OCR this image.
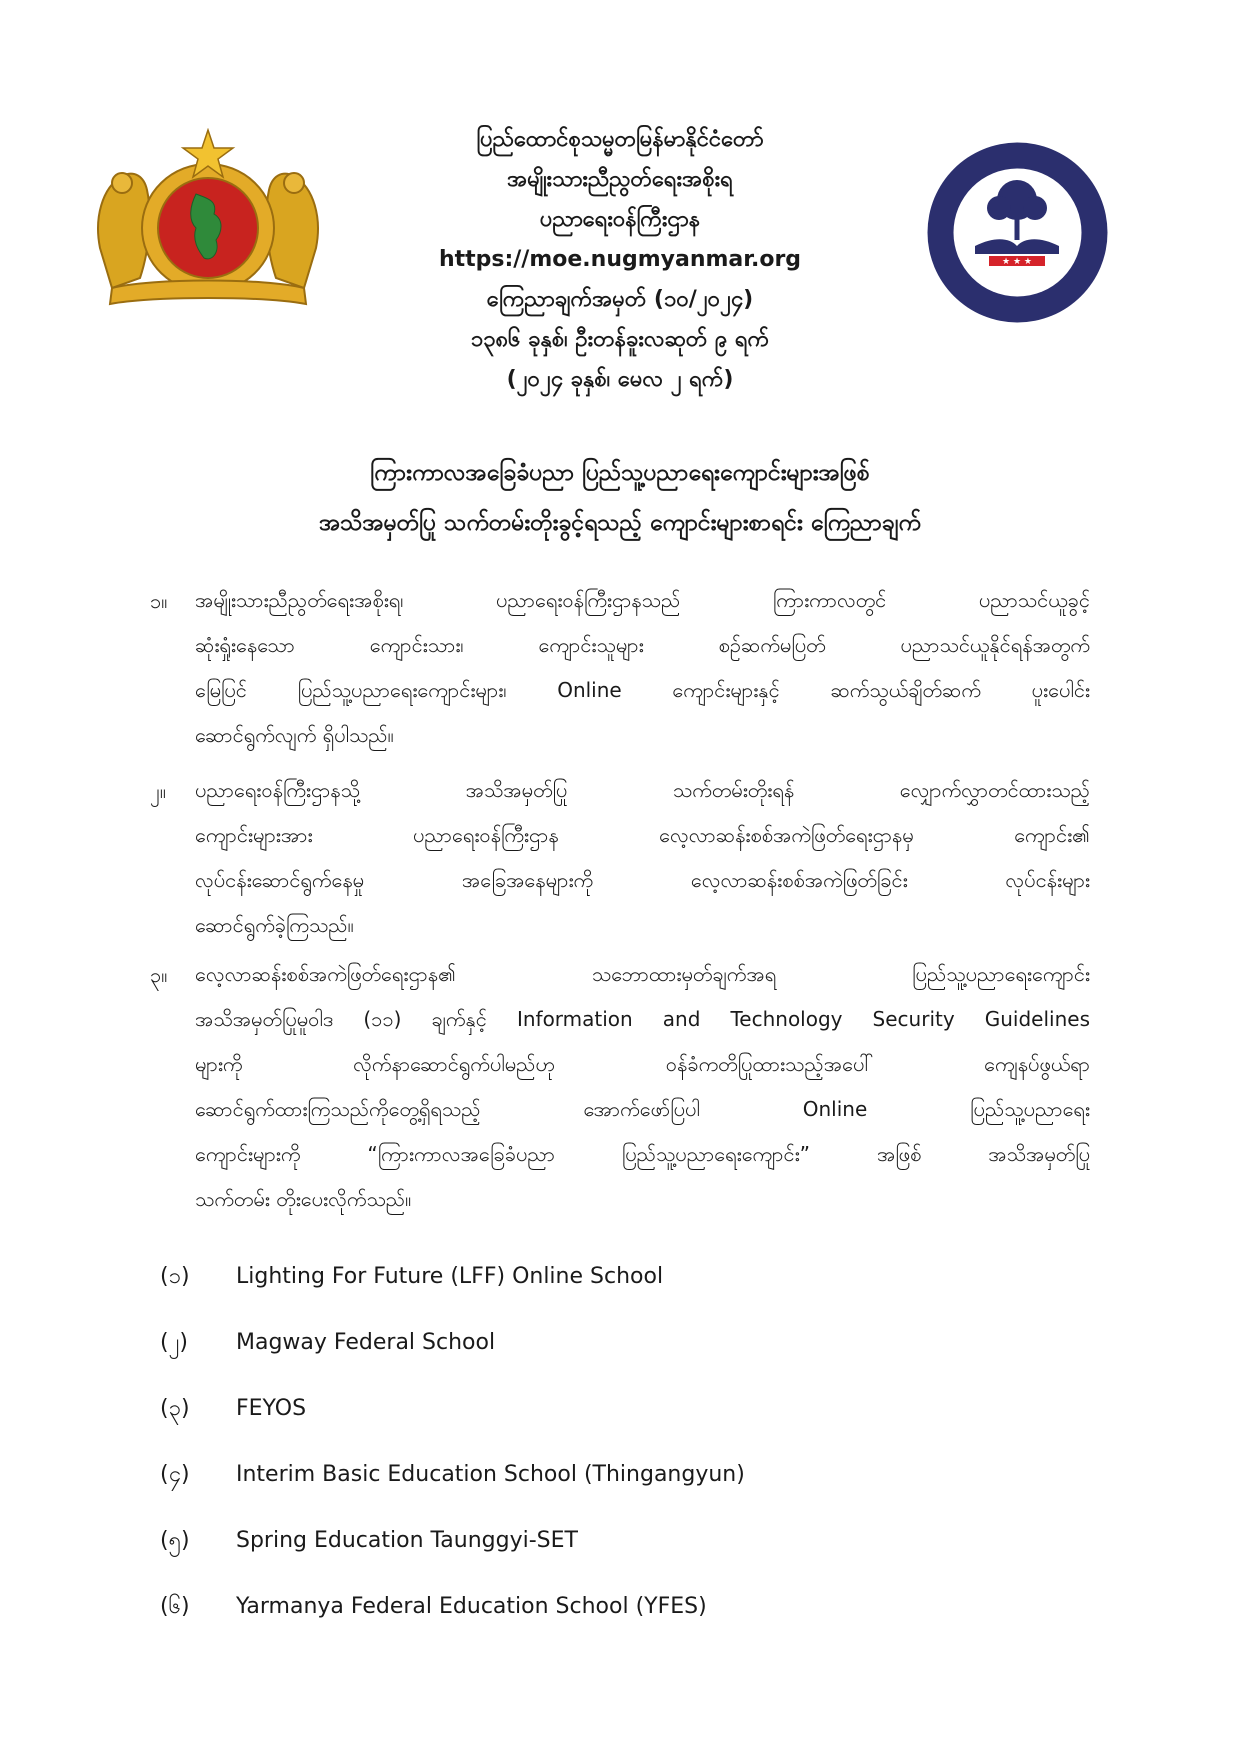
★ ★ ★
ပြည်ထောင်စုသမ္မတမြန်မာနိုင်ငံတော်
အမျိုးသားညီညွတ်ရေးအစိုးရ
ပညာရေးဝန်ကြီးဌာန
https://moe.nugmyanmar.org
ကြေညာချက်အမှတ် (၁၀/၂၀၂၄)
၁၃၈၆ ခုနှစ်၊ ဦးတန်ခူးလဆုတ် ၉ ရက်
(၂၀၂၄ ခုနှစ်၊ မေလ ၂ ရက်)
ကြားကာလအခြေခံပညာ ပြည်သူ့ပညာရေးကျောင်းများအဖြစ်
အသိအမှတ်ပြု သက်တမ်းတိုးခွင့်ရသည့် ကျောင်းများစာရင်း ကြေညာချက်
၁။ အမျိုးသားညီညွတ်ရေးအစိုးရ၊ ပညာရေးဝန်ကြီးဌာနသည် ကြားကာလတွင် ပညာသင်ယူခွင့်
ဆုံးရှုံးနေသော ကျောင်းသား၊ ကျောင်းသူများ စဉ်ဆက်မပြတ် ပညာသင်ယူနိုင်ရန်အတွက်
မြေပြင် ပြည်သူ့ပညာရေးကျောင်းများ၊ Online ကျောင်းများနှင့် ဆက်သွယ်ချိတ်ဆက် ပူးပေါင်း
ဆောင်ရွက်လျက် ရှိပါသည်။
၂။ ပညာရေးဝန်ကြီးဌာနသို့ အသိအမှတ်ပြု သက်တမ်းတိုးရန် လျှောက်လွှာတင်ထားသည့်
ကျောင်းများအား ပညာရေးဝန်ကြီးဌာန လေ့လာဆန်းစစ်အကဲဖြတ်ရေးဌာနမှ ကျောင်း၏
လုပ်ငန်းဆောင်ရွက်နေမှု အခြေအနေများကို လေ့လာဆန်းစစ်အကဲဖြတ်ခြင်း လုပ်ငန်းများ
ဆောင်ရွက်ခဲ့ကြသည်။
၃။ လေ့လာဆန်းစစ်အကဲဖြတ်ရေးဌာန၏ သဘောထားမှတ်ချက်အရ ပြည်သူ့ပညာရေးကျောင်း
အသိအမှတ်ပြုမူဝါဒ (၁၁) ချက်နှင့် Information and Technology Security Guidelines
များကို လိုက်နာဆောင်ရွက်ပါမည်ဟု ဝန်ခံကတိပြုထားသည့်အပေါ် ကျေနပ်ဖွယ်ရာ
ဆောင်ရွက်ထားကြသည်ကိုတွေ့ရှိရသည့် အောက်ဖော်ပြပါ Online ပြည်သူ့ပညာရေး
ကျောင်းများကို “ကြားကာလအခြေခံပညာ ပြည်သူ့ပညာရေးကျောင်း” အဖြစ် အသိအမှတ်ပြု
သက်တမ်း တိုးပေးလိုက်သည်။
(၁) Lighting For Future (LFF) Online School
(၂) Magway Federal School
(၃) FEYOS
(၄) Interim Basic Education School (Thingangyun)
(၅) Spring Education Taunggyi-SET
(၆) Yarmanya Federal Education School (YFES)
